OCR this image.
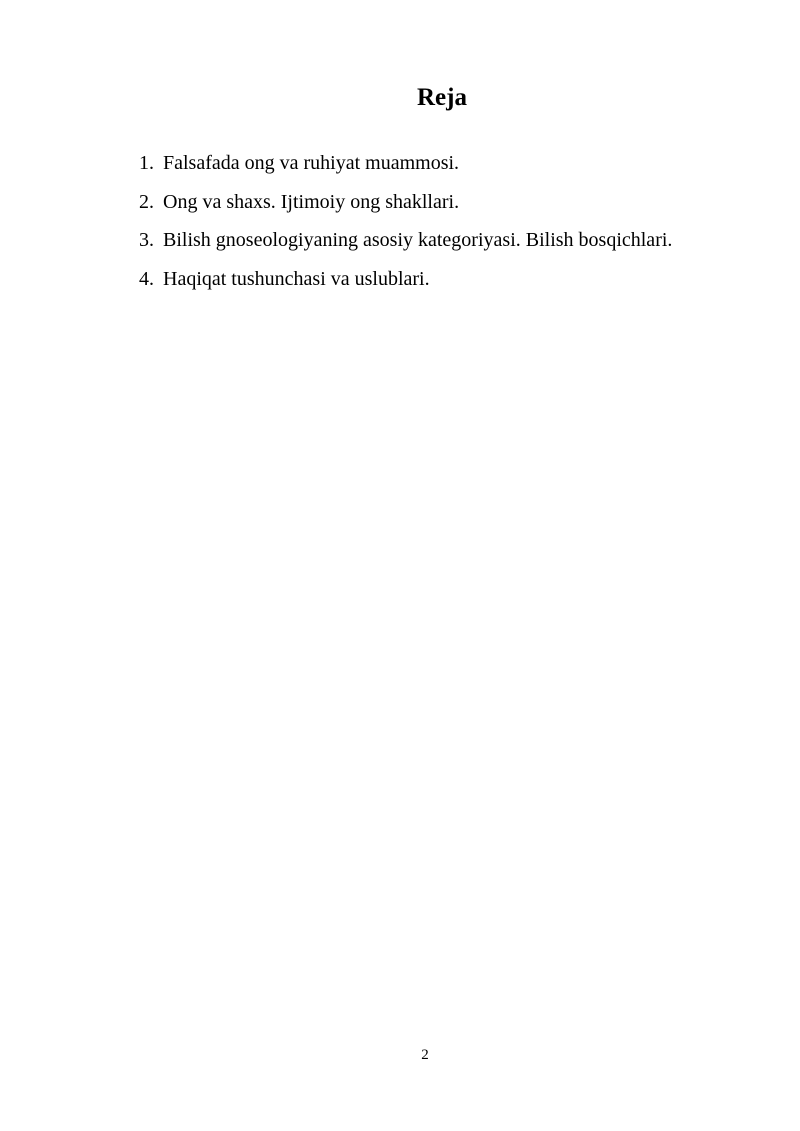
Reja
1. Falsafada ong va ruhiyat muammosi.
2. Ong va shaxs. Ijtimoiy ong shakllari.
3. Bilish gnoseologiyaning asosiy kategoriyasi. Bilish bosqichlari.
4. Haqiqat tushunchasi va uslublari.
2
